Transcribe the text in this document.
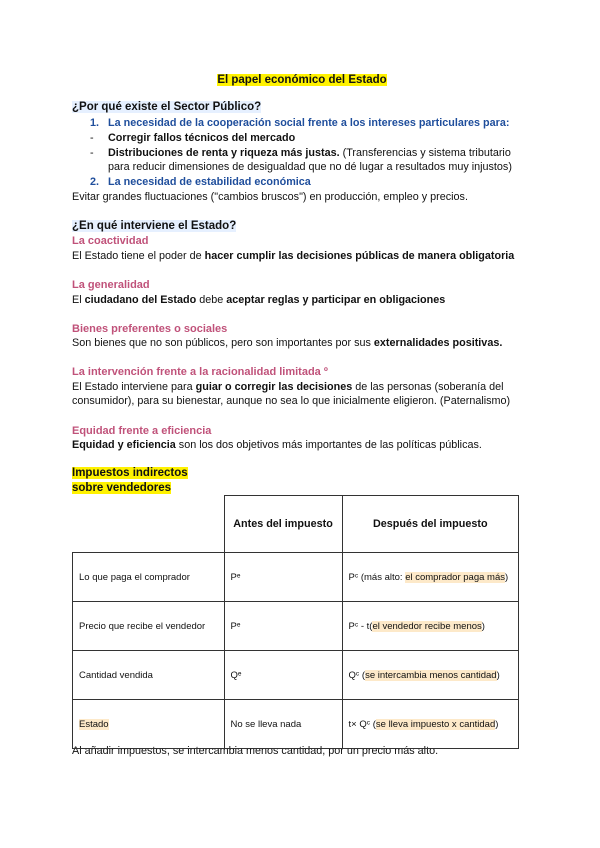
El papel económico del Estado
¿Por qué existe el Sector Público?
1. La necesidad de la cooperación social frente a los intereses particulares para:
- Corregir fallos técnicos del mercado
- Distribuciones de renta y riqueza más justas. (Transferencias y sistema tributario
para reducir dimensiones de desigualdad que no dé lugar a resultados muy injustos)
2. La necesidad de estabilidad económica
Evitar grandes fluctuaciones ("cambios bruscos") en producción, empleo y precios.
¿En qué interviene el Estado?
La coactividad
El Estado tiene el poder de hacer cumplir las decisiones públicas de manera obligatoria
La generalidad
El ciudadano del Estado debe aceptar reglas y participar en obligaciones
Bienes preferentes o sociales
Son bienes que no son públicos, pero son importantes por sus externalidades positivas.
La intervención frente a la racionalidad limitada º
El Estado interviene para guiar o corregir las decisiones de las personas (soberanía del
consumidor), para su bienestar, aunque no sea lo que inicialmente eligieron. (Paternalismo)
Equidad frente a eficiencia
Equidad y eficiencia son los dos objetivos más importantes de las políticas públicas.
Impuestos indirectos
sobre vendedores
Al añadir impuestos, se intercambia menos cantidad, por un precio más alto.
	Antes del impuesto	Después del impuesto
Lo que paga el comprador	Pᵉ	Pᶜ (más alto: el comprador paga más)
Precio que recibe el vendedor	Pᵉ	Pᶜ - t(el vendedor recibe menos)
Cantidad vendida	Qᵉ	Qᶜ (se intercambia menos cantidad)
Estado	No se lleva nada	t× Qᶜ (se lleva impuesto x cantidad)
